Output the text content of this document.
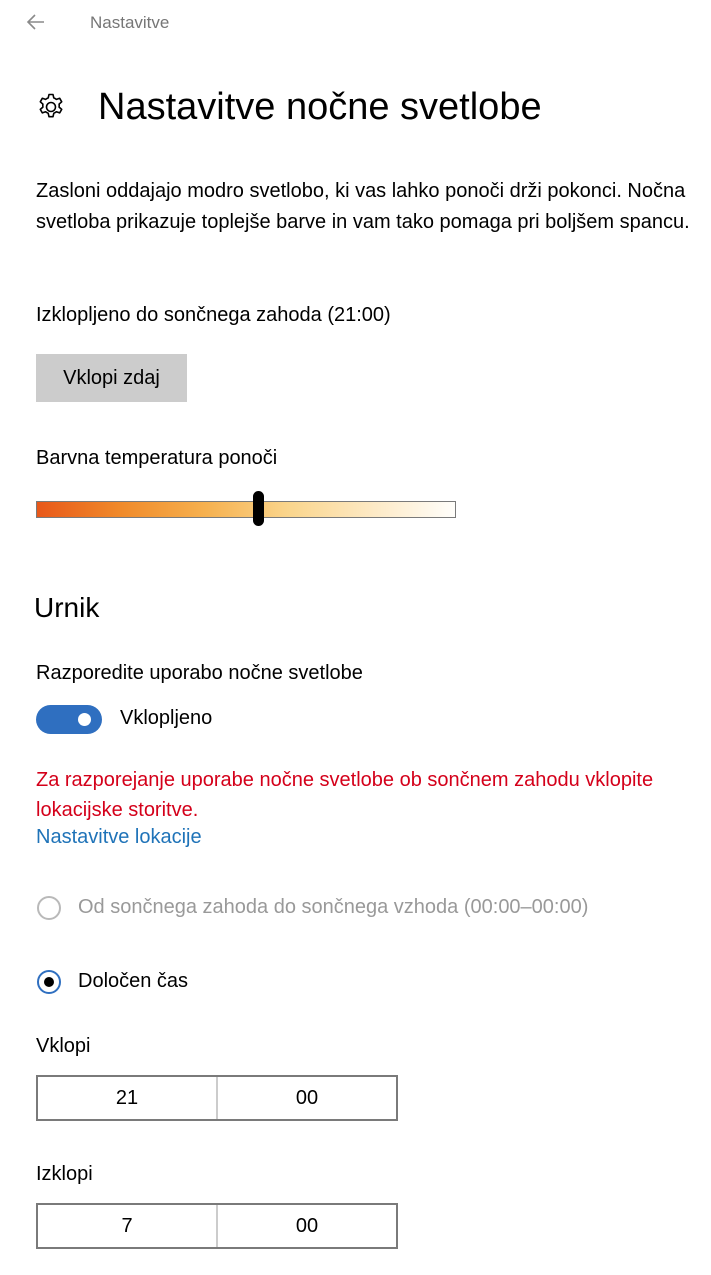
Nastavitve
Nastavitve nočne svetlobe
Zasloni oddajajo modro svetlobo, ki vas lahko ponoči drži pokonci. Nočna svetloba prikazuje toplejše barve in vam tako pomaga pri boljšem spancu.
Izklopljeno do sončnega zahoda (21:00)
Vklopi zdaj
Barvna temperatura ponoči
Urnik
Razporedite uporabo nočne svetlobe
Vklopljeno
Za razporejanje uporabe nočne svetlobe ob sončnem zahodu vklopite lokacijske storitve.
Nastavitve lokacije
Od sončnega zahoda do sončnega vzhoda (00:00–00:00)
Določen čas
Vklopi
21	00
Izklopi
7	00
